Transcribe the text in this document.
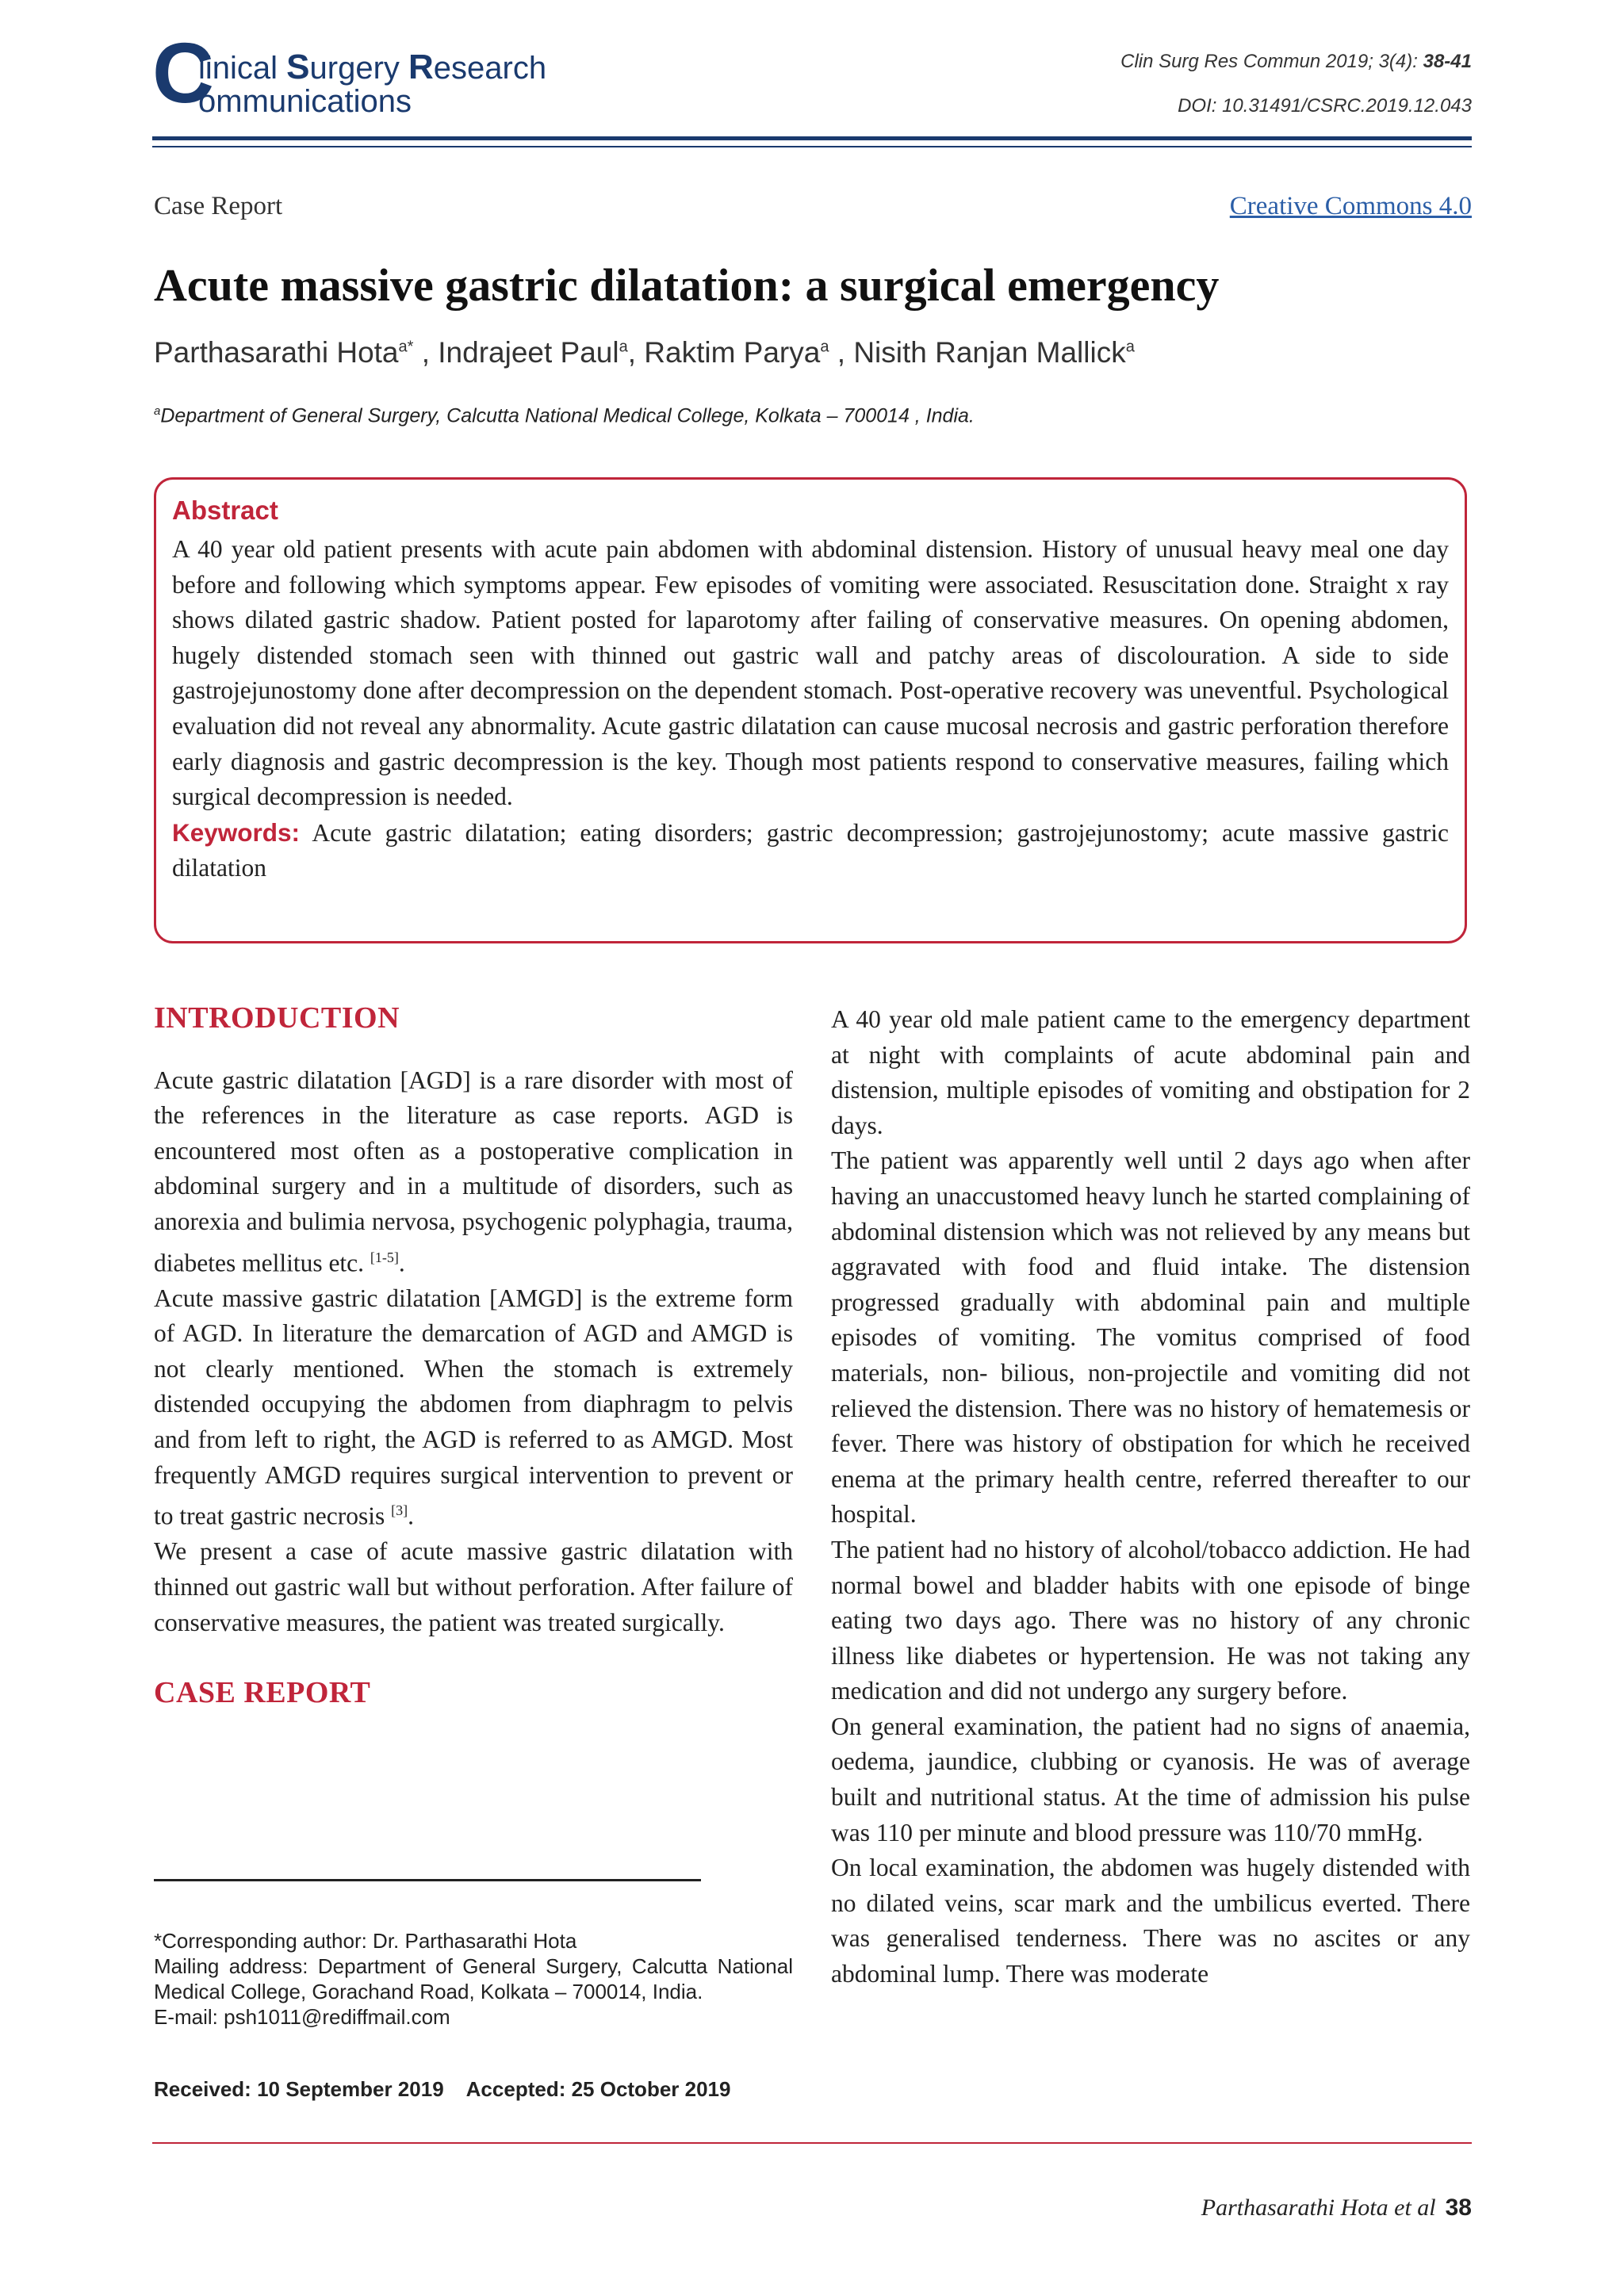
C
linical Surgery Research
ommunications
Clin Surg Res Commun 2019; 3(4): 38-41
DOI: 10.31491/CSRC.2019.12.043
Case Report	Creative Commons 4.0
Acute massive gastric dilatation: a surgical emergency
Parthasarathi Hota$^{a*}$ , Indrajeet Paul$^a$, Raktim Parya$^a$ , Nisith Ranjan Mallick$^a$
$^a$Department of General Surgery, Calcutta National Medical College, Kolkata – 700014 , India.
Abstract

A 40 year old patient presents with acute pain abdomen with abdominal distension. History of unusual heavy meal one day before and following which symptoms appear. Few episodes of vomiting were associated. Resuscitation done. Straight x ray shows dilated gastric shadow. Patient posted for laparotomy after failing of conservative measures. On opening abdomen, hugely distended stomach seen with thinned out gastric wall and patchy areas of discolouration. A side to side gastrojejunostomy done after decompression on the dependent stomach. Post-operative recovery was uneventful. Psychological evaluation did not reveal any abnormality. Acute gastric dilatation can cause mucosal necrosis and gastric perforation therefore early diagnosis and gastric decompression is the key. Though most patients respond to conservative measures, failing which surgical decompression is needed.

Keywords: Acute gastric dilatation; eating disorders; gastric decompression; gastrojejunostomy; acute massive gastric dilatation

INTRODUCTION

Acute gastric dilatation [AGD] is a rare disorder with most of the references in the literature as case reports. AGD is encountered most often as a postoperative complication in abdominal surgery and in a multitude of disorders, such as anorexia and bulimia nervosa, psychogenic polyphagia, trauma, diabetes mellitus etc. [1-5].

Acute massive gastric dilatation [AMGD] is the extreme form of AGD. In literature the demarcation of AGD and AMGD is not clearly mentioned. When the stomach is extremely distended occupying the abdomen from diaphragm to pelvis and from left to right, the AGD is referred to as AMGD. Most frequently AMGD requires surgical intervention to prevent or to treat gastric necrosis [3].

We present a case of acute massive gastric dilatation with thinned out gastric wall but without perforation. After failure of conservative measures, the patient was treated surgically.

CASE REPORT

*Corresponding author: Dr. Parthasarathi Hota

Mailing address: Department of General Surgery, Calcutta National Medical College, Gorachand Road, Kolkata – 700014, India.

E-mail: psh1011@rediffmail.com

Received: 10 September 2019 Accepted: 25 October 2019

A 40 year old male patient came to the emergency department at night with complaints of acute abdominal pain and distension, multiple episodes of vomiting and obstipation for 2 days.

The patient was apparently well until 2 days ago when after having an unaccustomed heavy lunch he started complaining of abdominal distension which was not relieved by any means but aggravated with food and fluid intake. The distension progressed gradually with abdominal pain and multiple episodes of vomiting. The vomitus comprised of food materials, non- bilious, non-projectile and vomiting did not relieved the distension. There was no history of hematemesis or fever. There was history of obstipation for which he received enema at the primary health centre, referred thereafter to our hospital.

The patient had no history of alcohol/tobacco addiction. He had normal bowel and bladder habits with one episode of binge eating two days ago. There was no history of any chronic illness like diabetes or hypertension. He was not taking any medication and did not undergo any surgery before.

On general examination, the patient had no signs of anaemia, oedema, jaundice, clubbing or cyanosis. He was of average built and nutritional status. At the time of admission his pulse was 110 per minute and blood pressure was 110/70 mmHg.

On local examination, the abdomen was hugely distended with no dilated veins, scar mark and the umbilicus everted. There was generalised tenderness. There was no ascites or any abdominal lump. There was moderate

Parthasarathi Hota et al 38
